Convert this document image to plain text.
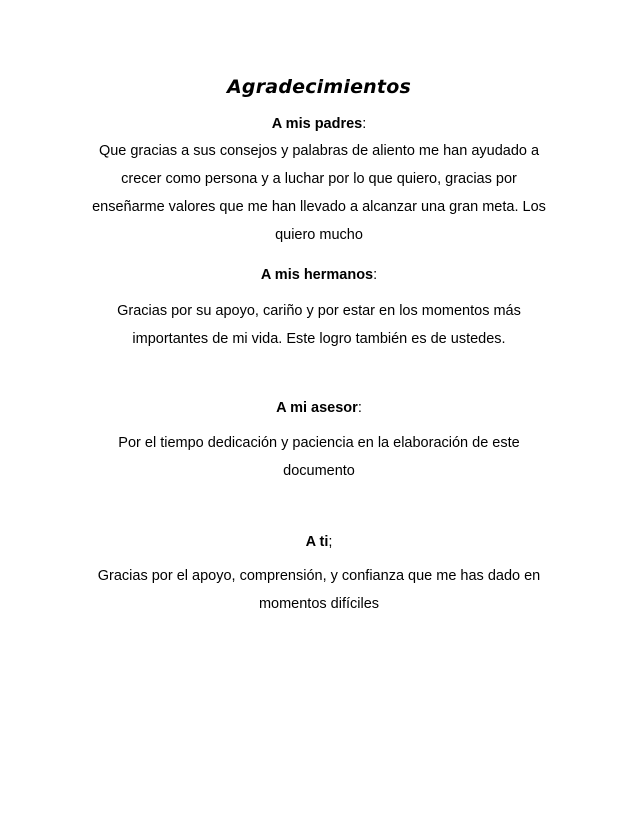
Agradecimientos
A mis padres:
Que gracias a sus consejos y palabras de aliento me han ayudado a
crecer como persona y a luchar por lo que quiero, gracias por
enseñarme valores que me han llevado a alcanzar una gran meta. Los
quiero mucho
A mis hermanos:
Gracias por su apoyo, cariño y por estar en los momentos más
importantes de mi vida. Este logro también es de ustedes.
A mi asesor:
Por el tiempo dedicación y paciencia en la elaboración de este
documento
A ti;
Gracias por el apoyo, comprensión, y confianza que me has dado en
momentos difíciles
